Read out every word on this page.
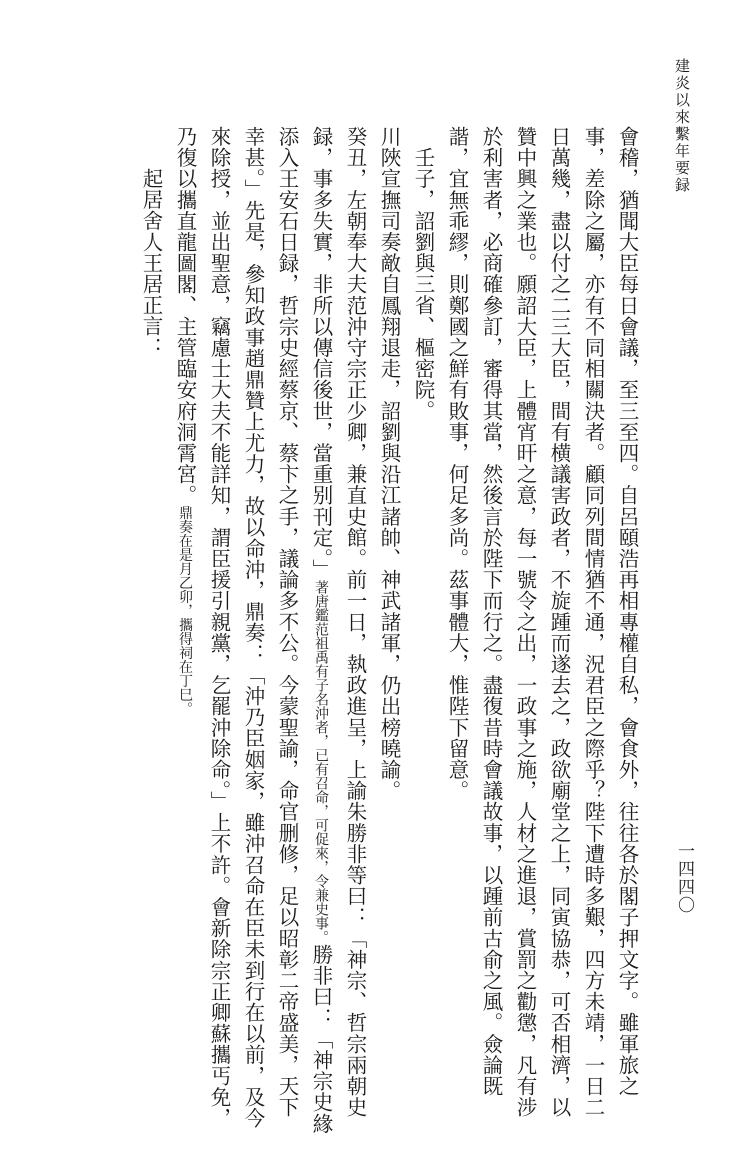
建炎以來繫年要録
一四四〇

會稽，猶聞大臣每日會議，至三至四。自呂頤浩再相專權自私，會食外，往往各於閣子押文字。雖軍旅之事，差除之屬，亦有不同相關決者。顧同列間情猶不通，況君臣之際乎？陛下遭時多艱，四方未靖，一日二日萬幾，盡以付之二三大臣，間有横議害政者，不旋踵而遂去之，政欲廟堂之上，同寅協恭，可否相濟，以贊中興之業也。願詔大臣，上體宵旰之意，每一號令之出，一政事之施，人材之進退，賞罰之勸懲，凡有涉於利害者，必商確參訂，審得其當，然後言於陛下而行之。盡復昔時會議故事，以踵前古俞之風。僉論既諧，宜無乖繆，則鄭國之鮮有敗事，何足多尚。茲事體大，惟陛下留意。

壬子，詔劉與三省、樞密院。

川陜宣撫司奏敵自鳳翔退走，詔劉與沿江諸帥、神武諸軍，仍出榜曉諭。

癸丑，左朝奉大夫范沖守宗正少卿，兼直史館。前一日，執政進呈，上諭朱勝非等曰：「神宗、哲宗兩朝史録，事多失實，非所以傳信後世，當重别刊定。」著唐鑑范祖禹有子名沖者，已有召命，可促來，令兼史事。勝非曰：「神宗史緣添入王安石日録，哲宗史經蔡京、蔡卞之手，議論多不公。今蒙聖諭，命官删修，足以昭彰二帝盛美，天下幸甚。」先是，參知政事趙鼎贊上尤力，故以命沖，鼎奏：「沖乃臣姻家，雖沖召命在臣未到行在以前，及今來除授，並出聖意，竊慮士大夫不能詳知，謂臣援引親黨，乞罷沖除命。」上不許。會新除宗正卿蘇攜丐免，乃復以攜直龍圖閣、主管臨安府洞霄宮。鼎奏在是月乙卯，攜得祠在丁巳。

起居舍人王居正言：
